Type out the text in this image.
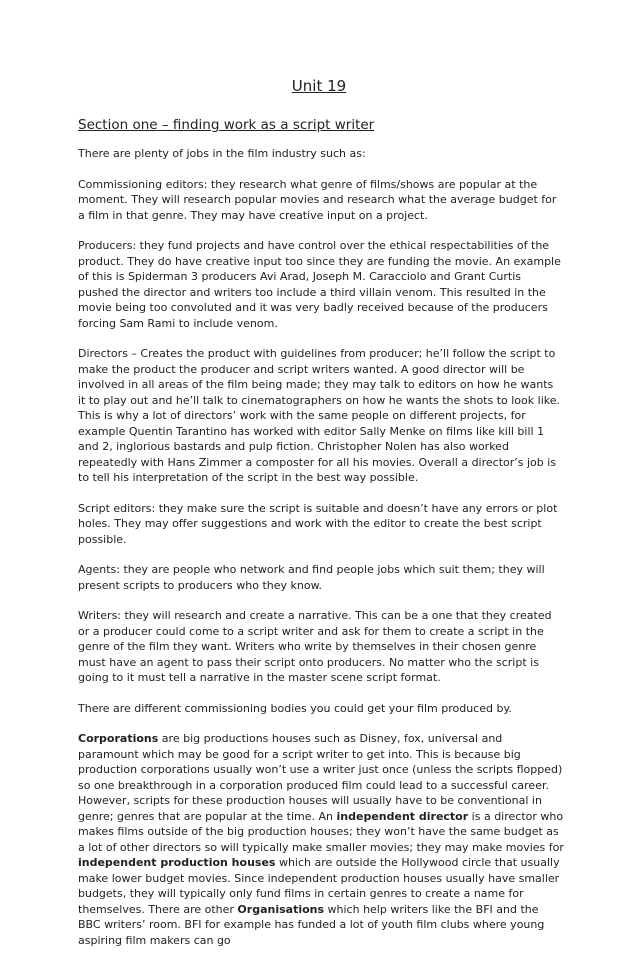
Unit 19
Section one – finding work as a script writer

There are plenty of jobs in the film industry such as:

Commissioning editors: they research what genre of films/shows are popular at the moment. They will research popular movies and research what the average budget for a film in that genre. They may have creative input on a project.

Producers: they fund projects and have control over the ethical respectabilities of the product. They do have creative input too since they are funding the movie. An example of this is Spiderman 3 producers Avi Arad, Joseph M. Caracciolo and Grant Curtis pushed the director and writers too include a third villain venom. This resulted in the movie being too convoluted and it was very badly received because of the producers forcing Sam Rami to include venom.

Directors – Creates the product with guidelines from producer; he’ll follow the script to make the product the producer and script writers wanted. A good director will be involved in all areas of the film being made; they may talk to editors on how he wants it to play out and he’ll talk to cinematographers on how he wants the shots to look like. This is why a lot of directors’ work with the same people on different projects, for example Quentin Tarantino has worked with editor Sally Menke on films like kill bill 1 and 2, inglorious bastards and pulp fiction. Christopher Nolen has also worked repeatedly with Hans Zimmer a composter for all his movies. Overall a director’s job is to tell his interpretation of the script in the best way possible.

Script editors: they make sure the script is suitable and doesn’t have any errors or plot holes. They may offer suggestions and work with the editor to create the best script possible.

Agents: they are people who network and find people jobs which suit them; they will present scripts to producers who they know.

Writers: they will research and create a narrative. This can be a one that they created or a producer could come to a script writer and ask for them to create a script in the genre of the film they want. Writers who write by themselves in their chosen genre must have an agent to pass their script onto producers. No matter who the script is going to it must tell a narrative in the master scene script format.

There are different commissioning bodies you could get your film produced by.

Corporations are big productions houses such as Disney, fox, universal and paramount which may be good for a script writer to get into. This is because big production corporations usually won’t use a writer just once (unless the scripts flopped) so one breakthrough in a corporation produced film could lead to a successful career. However, scripts for these production houses will usually have to be conventional in genre; genres that are popular at the time. An independent director is a director who makes films outside of the big production houses; they won’t have the same budget as a lot of other directors so will typically make smaller movies; they may make movies for independent production houses which are outside the Hollywood circle that usually make lower budget movies. Since independent production houses usually have smaller budgets, they will typically only fund films in certain genres to create a name for themselves. There are other Organisations which help writers like the BFI and the BBC writers’ room. BFI for example has funded a lot of youth film clubs where young aspiring film makers can go
